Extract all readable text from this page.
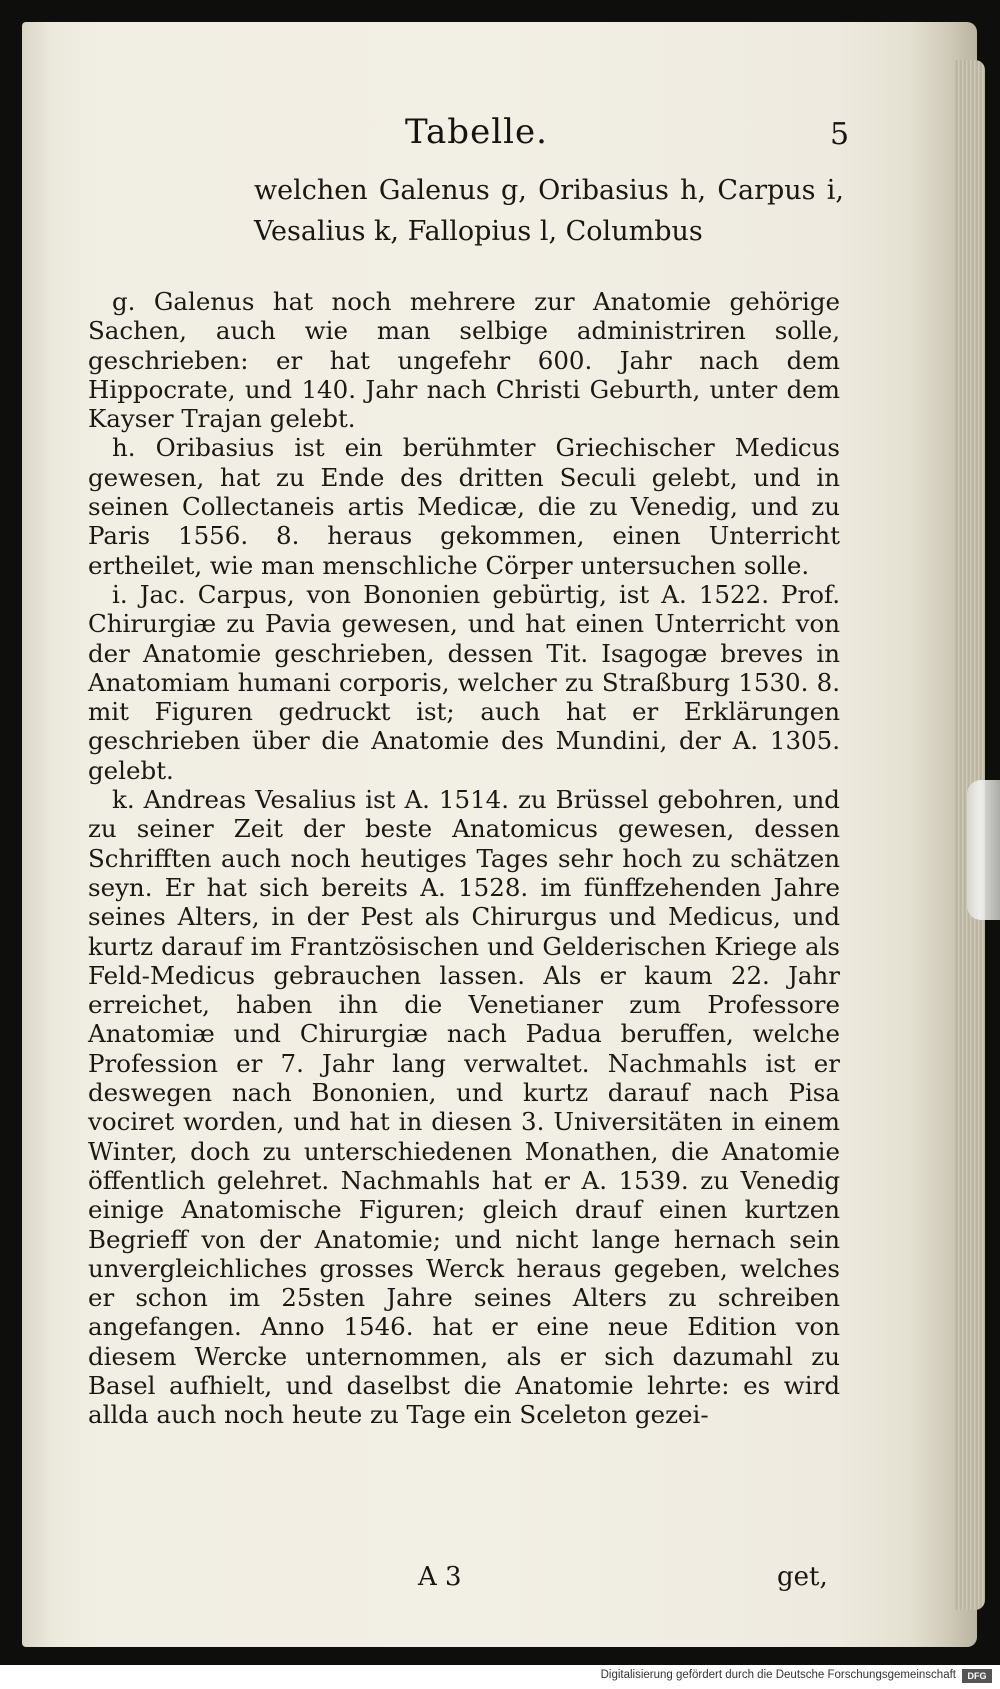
Tabelle.	5
welchen Galenus g, Oribasius h, Carpus i, Vesalius k, Fallopius l, Columbus

g. Galenus hat noch mehrere zur Anatomie gehörige Sachen, auch wie man selbige administriren solle, geschrieben: er hat ungefehr 600. Jahr nach dem Hippocrate, und 140. Jahr nach Christi Geburth, unter dem Kayser Trajan gelebt.

h. Oribasius ist ein berühmter Griechischer Medicus gewesen, hat zu Ende des dritten Seculi gelebt, und in seinen Collectaneis artis Medicæ, die zu Venedig, und zu Paris 1556. 8. heraus gekommen, einen Unterricht ertheilet, wie man menschliche Cörper untersuchen solle.

i. Jac. Carpus, von Bononien gebürtig, ist A. 1522. Prof. Chirurgiæ zu Pavia gewesen, und hat einen Unterricht von der Anatomie geschrieben, dessen Tit. Isagogæ breves in Anatomiam humani corporis, welcher zu Straßburg 1530. 8. mit Figuren gedruckt ist; auch hat er Erklärungen geschrieben über die Anatomie des Mundini, der A. 1305. gelebt.

k. Andreas Vesalius ist A. 1514. zu Brüssel gebohren, und zu seiner Zeit der beste Anatomicus gewesen, dessen Schrifften auch noch heutiges Tages sehr hoch zu schätzen seyn. Er hat sich bereits A. 1528. im fünffzehenden Jahre seines Alters, in der Pest als Chirurgus und Medicus, und kurtz darauf im Frantzösischen und Gelderischen Kriege als Feld-Medicus gebrauchen lassen. Als er kaum 22. Jahr erreichet, haben ihn die Venetianer zum Professore Anatomiæ und Chirurgiæ nach Padua beruffen, welche Profession er 7. Jahr lang verwaltet. Nachmahls ist er deswegen nach Bononien, und kurtz darauf nach Pisa vociret worden, und hat in diesen 3. Universitäten in einem Winter, doch zu unterschiedenen Monathen, die Anatomie öffentlich gelehret. Nachmahls hat er A. 1539. zu Venedig einige Anatomische Figuren; gleich drauf einen kurtzen Begrieff von der Anatomie; und nicht lange hernach sein unvergleichliches grosses Werck heraus gegeben, welches er schon im 25sten Jahre seines Alters zu schreiben angefangen. Anno 1546. hat er eine neue Edition von diesem Wercke unternommen, als er sich dazumahl zu Basel aufhielt, und daselbst die Anatomie lehrte: es wird allda auch noch heute zu Tage ein Sceleton gezei-

A 3	get,
Digitalisierung gefördert durch die Deutsche Forschungsgemeinschaft	DFG
